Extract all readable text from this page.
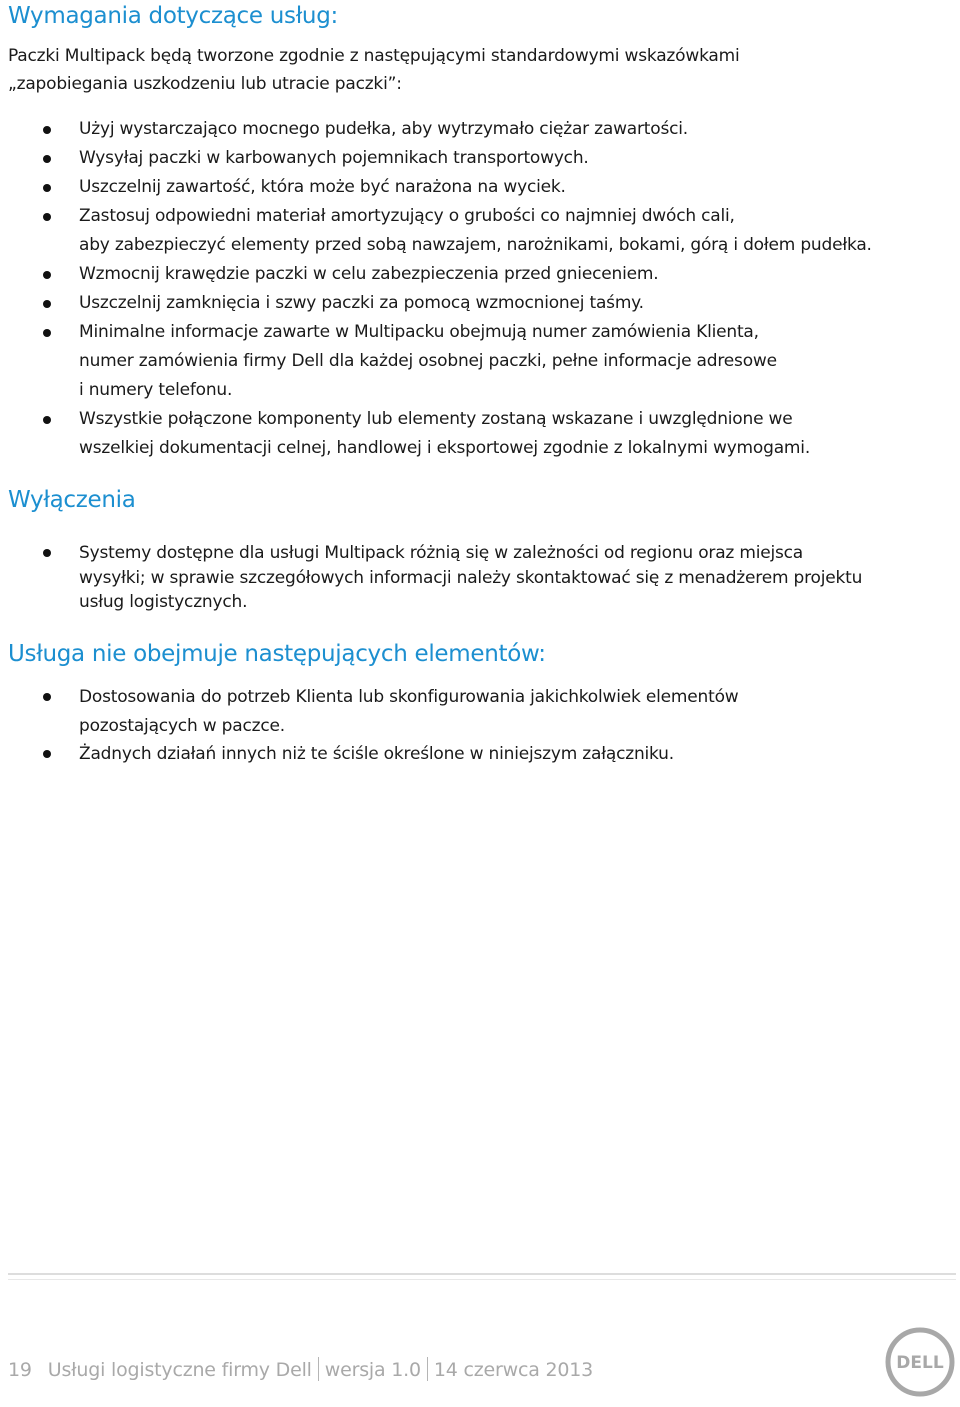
Wymagania dotyczące usług:
Paczki Multipack będą tworzone zgodnie z następującymi standardowymi wskazówkami
„zapobiegania uszkodzeniu lub utracie paczki”:
Użyj wystarczająco mocnego pudełka, aby wytrzymało ciężar zawartości.
Wysyłaj paczki w karbowanych pojemnikach transportowych.
Uszczelnij zawartość, która może być narażona na wyciek.
Zastosuj odpowiedni materiał amortyzujący o grubości co najmniej dwóch cali,
aby zabezpieczyć elementy przed sobą nawzajem, narożnikami, bokami, górą i dołem pudełka.
Wzmocnij krawędzie paczki w celu zabezpieczenia przed gnieceniem.
Uszczelnij zamknięcia i szwy paczki za pomocą wzmocnionej taśmy.
Minimalne informacje zawarte w Multipacku obejmują numer zamówienia Klienta,
numer zamówienia firmy Dell dla każdej osobnej paczki, pełne informacje adresowe
i numery telefonu.
Wszystkie połączone komponenty lub elementy zostaną wskazane i uwzględnione we
wszelkiej dokumentacji celnej, handlowej i eksportowej zgodnie z lokalnymi wymogami.
Wyłączenia
Systemy dostępne dla usługi Multipack różnią się w zależności od regionu oraz miejsca
wysyłki; w sprawie szczegółowych informacji należy skontaktować się z menadżerem projektu
usług logistycznych.
Usługa nie obejmuje następujących elementów:
Dostosowania do potrzeb Klienta lub skonfigurowania jakichkolwiek elementów
pozostających w paczce.
Żadnych działań innych niż te ściśle określone w niniejszym załączniku.
19 Usługi logistyczne firmy Dell wersja 1.0 14 czerwca 2013	DELL
